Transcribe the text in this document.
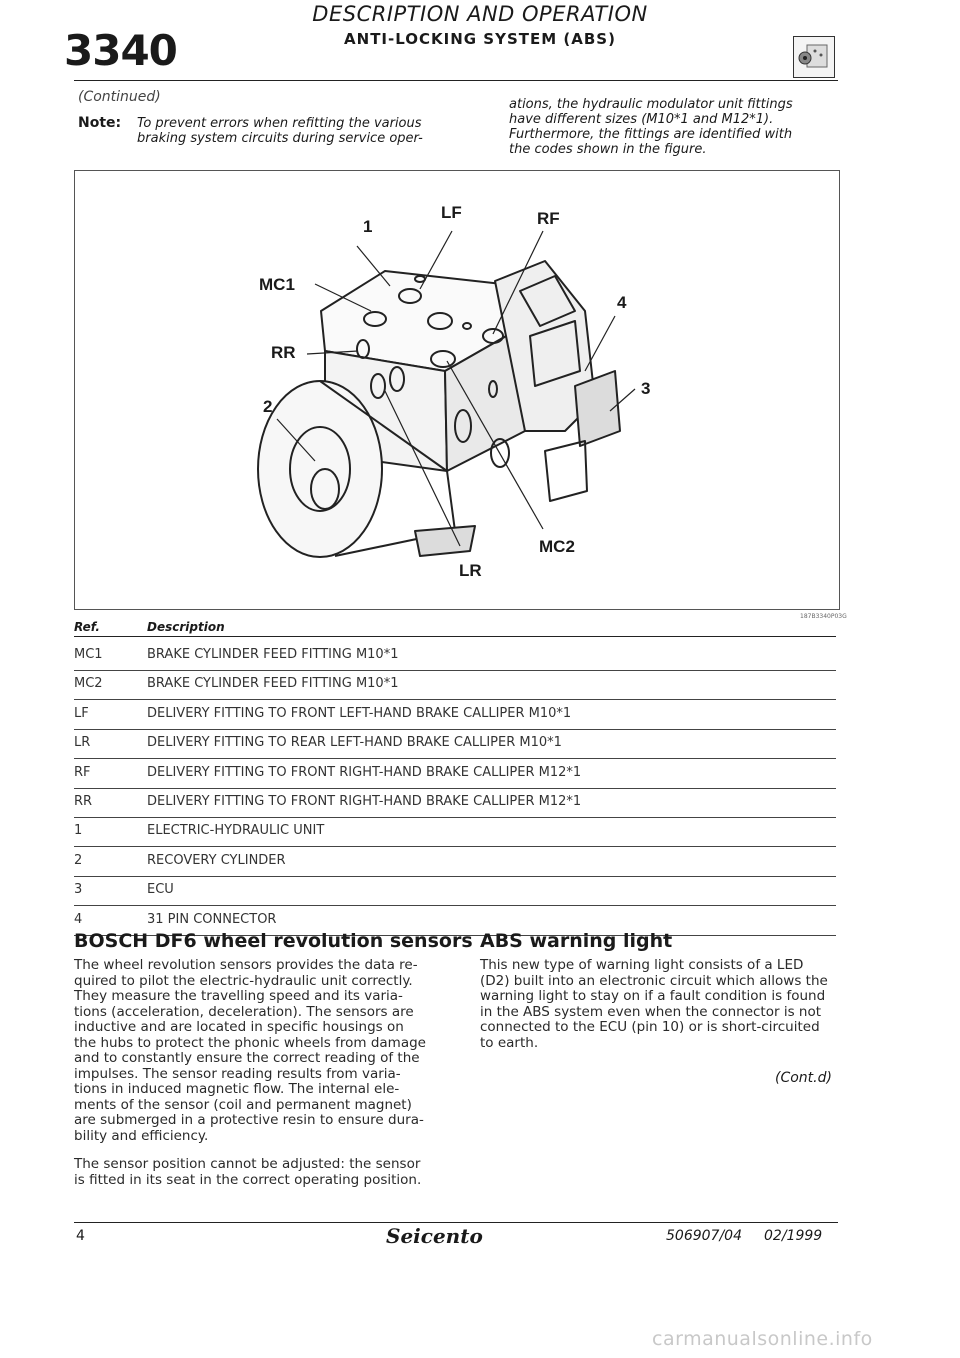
DESCRIPTION AND OPERATION
ANTI-LOCKING SYSTEM (ABS)
3340
(Continued)
Note: To prevent errors when refitting the various
braking system circuits during service oper-
ations, the hydraulic modulator unit fittings
have different sizes (M10*1 and M12*1).
Furthermore, the fittings are identified with
the codes shown in the figure.
1
LF	RF
MC1
4
RR
3
2
MC2
LR
187B3340P03G
Ref.	Description
MC1	BRAKE CYLINDER FEED FITTING M10*1
MC2	BRAKE CYLINDER FEED FITTING M10*1
LF	DELIVERY FITTING TO FRONT LEFT-HAND BRAKE CALLIPER M10*1
LR	DELIVERY FITTING TO REAR LEFT-HAND BRAKE CALLIPER M10*1
RF	DELIVERY FITTING TO FRONT RIGHT-HAND BRAKE CALLIPER M12*1
RR	DELIVERY FITTING TO FRONT RIGHT-HAND BRAKE CALLIPER M12*1
1	ELECTRIC-HYDRAULIC UNIT
2	RECOVERY CYLINDER
3	ECU
4	31 PIN CONNECTOR
BOSCH DF6 wheel revolution sensors
The wheel revolution sensors provides the data re-
quired to pilot the electric-hydraulic unit correctly.
They measure the travelling speed and its varia-
tions (acceleration, deceleration). The sensors are
inductive and are located in specific housings on
the hubs to protect the phonic wheels from damage
and to constantly ensure the correct reading of the
impulses. The sensor reading results from varia-
tions in induced magnetic flow. The internal ele-
ments of the sensor (coil and permanent magnet)
are submerged in a protective resin to ensure dura-
bility and efficiency.
The sensor position cannot be adjusted: the sensor
is fitted in its seat in the correct operating position.
ABS warning light
This new type of warning light consists of a LED
(D2) built into an electronic circuit which allows the
warning light to stay on if a fault condition is found
in the ABS system even when the connector is not
connected to the ECU (pin 10) or is short-circuited
to earth.
(Cont.d)
4	Seicento	506907/04 02/1999
carmanualsonline.info
